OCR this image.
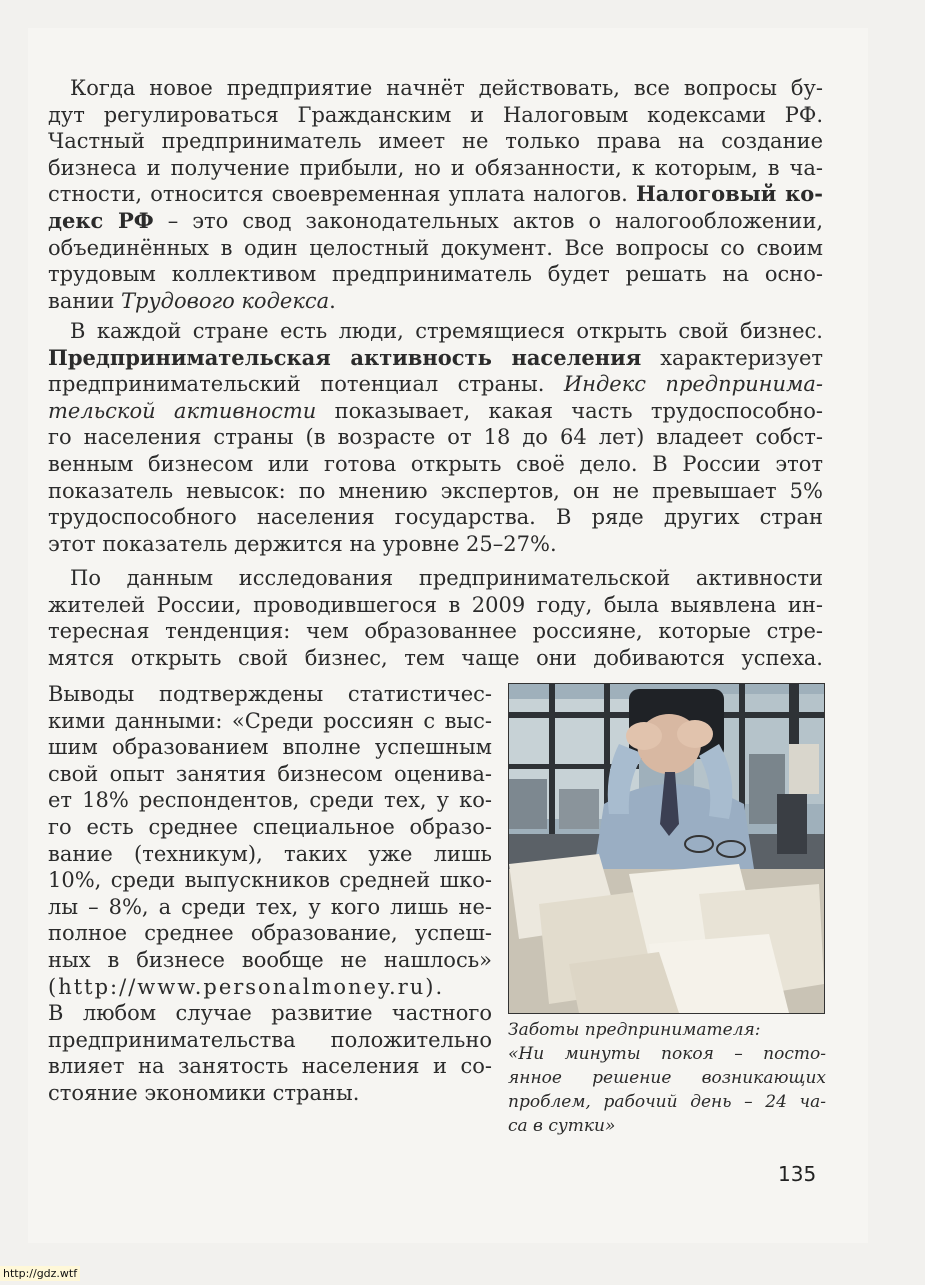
Когда новое предприятие начнёт действовать, все вопросы бу-
дут регулироваться Гражданским и Налоговым кодексами РФ.
Частный предприниматель имеет не только права на создание
бизнеса и получение прибыли, но и обязанности, к которым, в ча-
стности, относится своевременная уплата налогов. Налоговый ко-
декс РФ – это свод законодательных актов о налогообложении,
объединённых в один целостный документ. Все вопросы со своим
трудовым коллективом предприниматель будет решать на осно-
вании Трудового кодекса.
В каждой стране есть люди, стремящиеся открыть свой бизнес.
Предпринимательская активность населения характеризует
предпринимательский потенциал страны. Индекс предпринима-
тельской активности показывает, какая часть трудоспособно-
го населения страны (в возрасте от 18 до 64 лет) владеет собст-
венным бизнесом или готова открыть своё дело. В России этот
показатель невысок: по мнению экспертов, он не превышает 5%
трудоспособного населения государства. В ряде других стран
этот показатель держится на уровне 25–27%.
По данным исследования предпринимательской активности
жителей России, проводившегося в 2009 году, была выявлена ин-
тересная тенденция: чем образованнее россияне, которые стре-
мятся открыть свой бизнес, тем чаще они добиваются успеха.
Выводы подтверждены статистичес-
кими данными: «Среди россиян с выс-
шим образованием вполне успешным
свой опыт занятия бизнесом оценива-
ет 18% респондентов, среди тех, у ко-
го есть среднее специальное образо-
вание (техникум), таких уже лишь
10%, среди выпускников средней шко-
лы – 8%, а среди тех, у кого лишь не-
полное среднее образование, успеш-
ных в бизнесе вообще не нашлось»
(http://www.personalmoney.ru).
В любом случае развитие частного
предпринимательства положительно
влияет на занятость населения и со-
стояние экономики страны.
Заботы предпринимателя:
«Ни минуты покоя – посто-
янное решение возникающих
проблем, рабочий день – 24 ча-
са в сутки»
135
http://gdz.wtf
